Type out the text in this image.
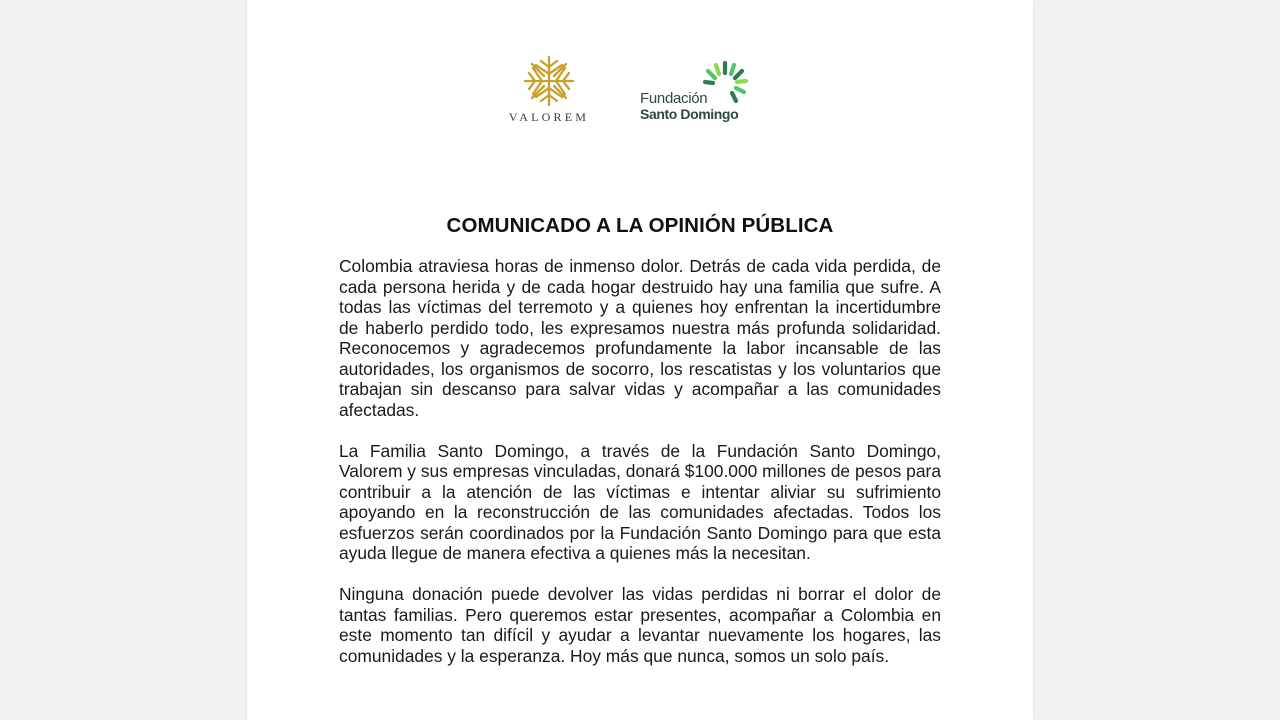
VALOREM
Fundación
Santo Domingo
COMUNICADO A LA OPINIÓN PÚBLICA

Colombia atraviesa horas de inmenso dolor. Detrás de cada vida perdida, de cada persona herida y de cada hogar destruido hay una familia que sufre. A todas las víctimas del terremoto y a quienes hoy enfrentan la incertidumbre de haberlo perdido todo, les expresamos nuestra más profunda solidaridad. Reconocemos y agradecemos profundamente la labor incansable de las autoridades, los organismos de socorro, los rescatistas y los voluntarios que trabajan sin descanso para salvar vidas y acompañar a las comunidades afectadas.

La Familia Santo Domingo, a través de la Fundación Santo Domingo, Valorem y sus empresas vinculadas, donará $100.000 millones de pesos para contribuir a la atención de las víctimas e intentar aliviar su sufrimiento apoyando en la reconstrucción de las comunidades afectadas. Todos los esfuerzos serán coordinados por la Fundación Santo Domingo para que esta ayuda llegue de manera efectiva a quienes más la necesitan.

Ninguna donación puede devolver las vidas perdidas ni borrar el dolor de tantas familias. Pero queremos estar presentes, acompañar a Colombia en este momento tan difícil y ayudar a levantar nuevamente los hogares, las comunidades y la esperanza. Hoy más que nunca, somos un solo país.
